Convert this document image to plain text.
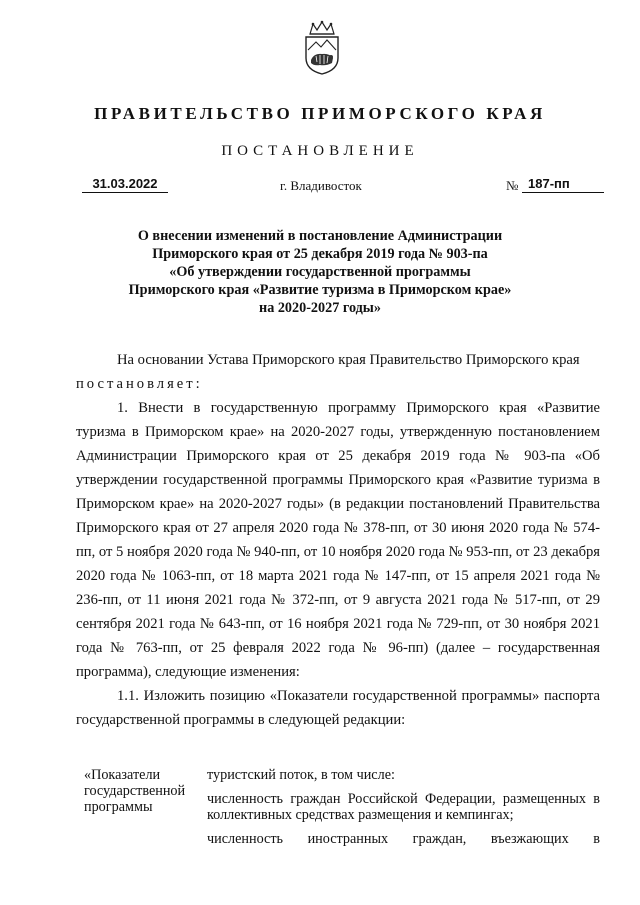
ПРАВИТЕЛЬСТВО ПРИМОРСКОГО КРАЯ
ПОСТАНОВЛЕНИЕ
31.03.2022	г. Владивосток	№ 187-пп
О внесении изменений в постановление Администрации
Приморского края от 25 декабря 2019 года № 903-па
«Об утверждении государственной программы
Приморского края «Развитие туризма в Приморском крае»
на 2020-2027 годы»

На основании Устава Приморского края Правительство Приморского края

постановляет:

1. Внести в государственную программу Приморского края «Развитие туризма в Приморском крае» на 2020-2027 годы, утвержденную постановлением Администрации Приморского края от 25 декабря 2019 года № 903-па «Об утверждении государственной программы Приморского края «Развитие туризма в Приморском крае» на 2020-2027 годы» (в редакции постановлений Правительства Приморского края от 27 апреля 2020 года № 378-пп, от 30 июня 2020 года № 574-пп, от 5 ноября 2020 года № 940-пп, от 10 ноября 2020 года № 953-пп, от 23 декабря 2020 года № 1063-пп, от 18 марта 2021 года № 147-пп, от 15 апреля 2021 года № 236-пп, от 11 июня 2021 года № 372-пп, от 9 августа 2021 года № 517-пп, от 29 сентября 2021 года № 643-пп, от 16 ноября 2021 года № 729-пп, от 30 ноября 2021 года № 763-пп, от 25 февраля 2022 года № 96-пп) (далее – государственная программа), следующие изменения:

1.1. Изложить позицию «Показатели государственной программы» паспорта государственной программы в следующей редакции:

«Показатели государственной программы

туристский поток, в том числе:

численность граждан Российской Федерации, размещенных в коллективных средствах размещения и кемпингах;

численность иностранных граждан, въезжающих в
